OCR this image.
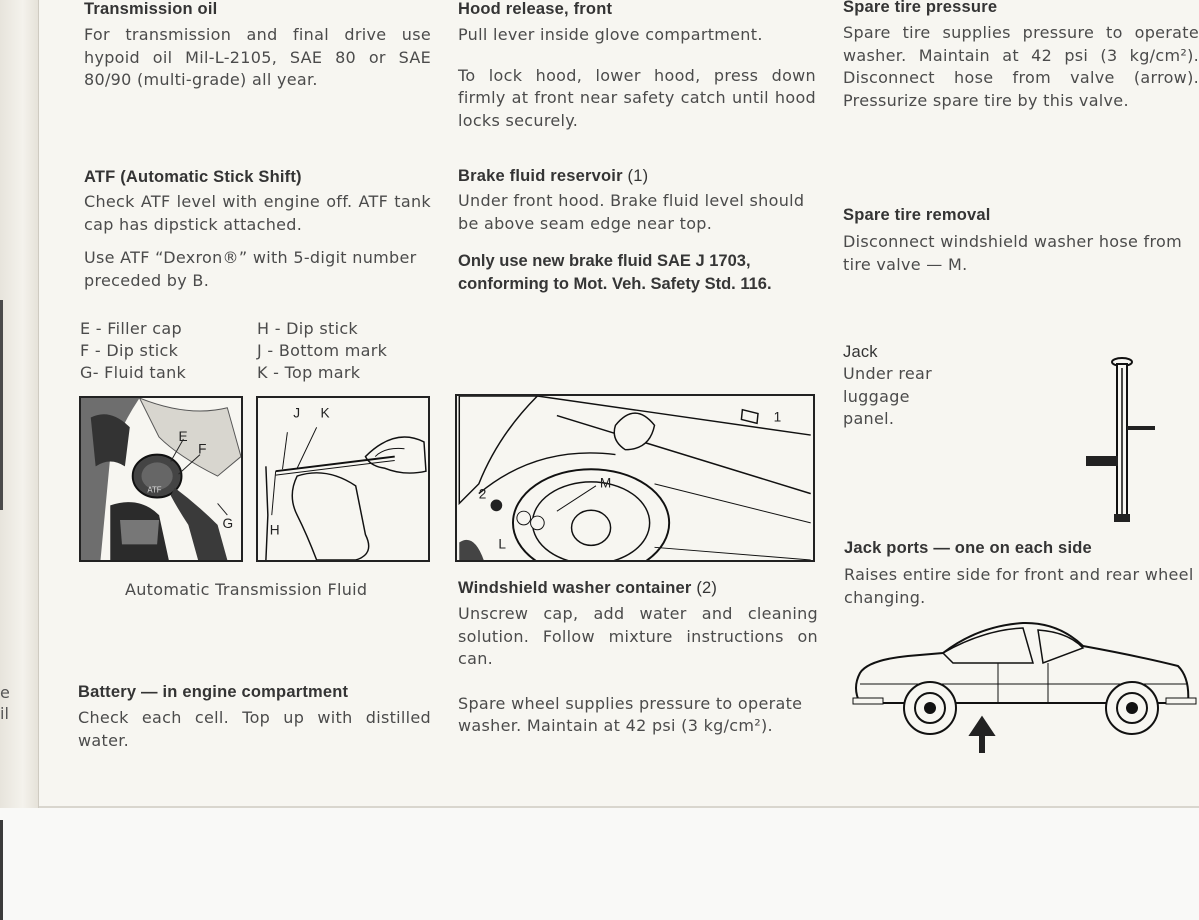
e
il
Transmission oil

For transmission and final drive use hypoid oil Mil-L-2105, SAE 80 or SAE 80/90 (multi-grade) all year.

ATF (Automatic Stick Shift)

Check ATF level with engine off. ATF tank cap has dipstick attached.

Use ATF “Dexron®” with 5-digit number preceded by B.

E - Filler cap
F - Dip stick
G- Fluid tank
H - Dip stick
J - Bottom mark
K - Top mark
ATF
E
F
G
J K
H
Automatic Transmission Fluid
Battery — in engine compartment

Check each cell. Top up with distilled water.

Hood release, front

Pull lever inside glove compartment.

To lock hood, lower hood, press down firmly at front near safety catch until hood locks securely.

Brake fluid reservoir (1)

Under front hood. Brake fluid level should be above seam edge near top.

Only use new brake fluid SAE J 1703, conforming to Mot. Veh. Safety Std. 116.
2
1
M
L
Windshield washer container (2)

Unscrew cap, add water and cleaning solution. Follow mixture instructions on can.

Spare wheel supplies pressure to operate washer. Maintain at 42 psi (3 kg/cm²).

Spare tire pressure

Spare tire supplies pressure to operate washer. Maintain at 42 psi (3 kg/cm²). Disconnect hose from valve (arrow). Pressurize spare tire by this valve.

Spare tire removal

Disconnect windshield washer hose from tire valve — M.

Jack

Under rear luggage panel.

Jack ports — one on each side

Raises entire side for front and rear wheel changing.
